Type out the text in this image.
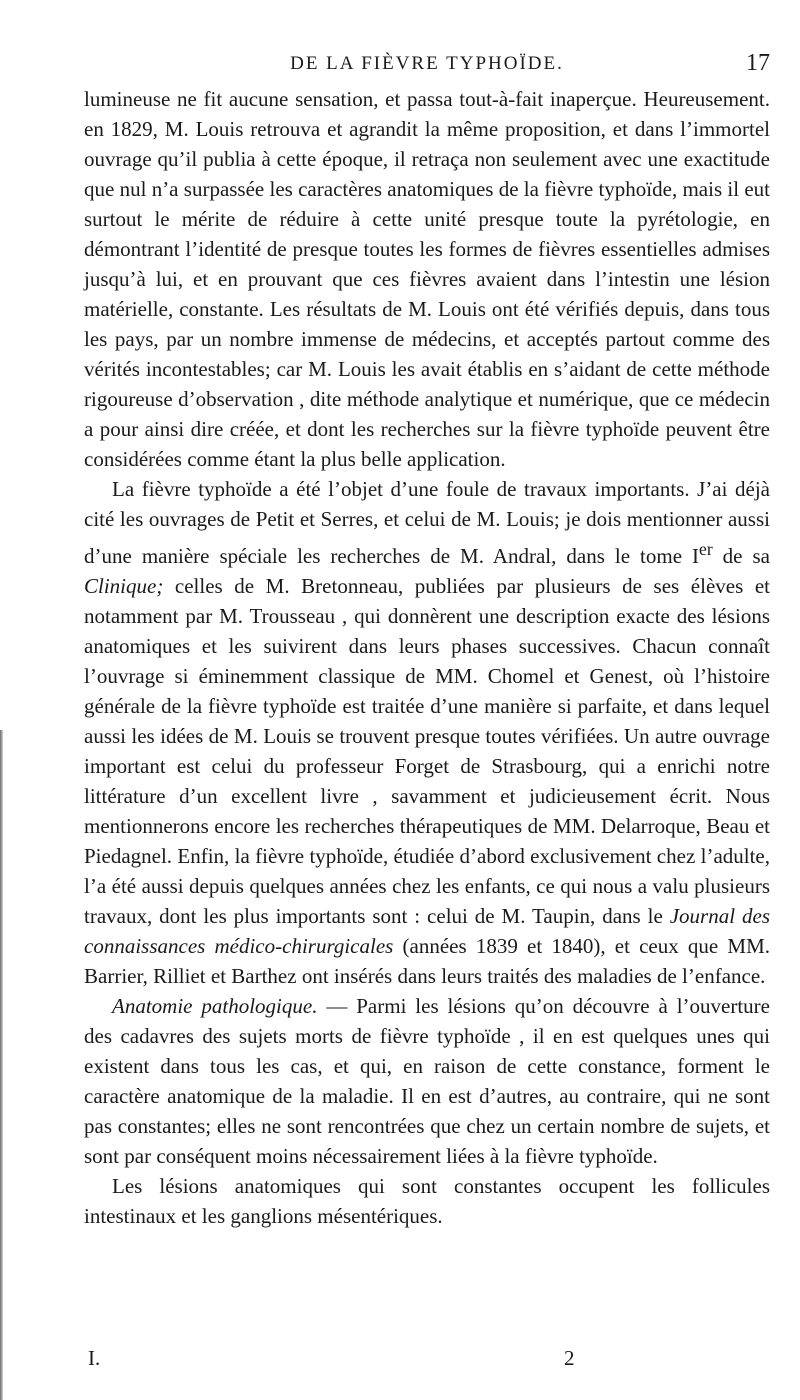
DE LA FIÈVRE TYPHOÏDE.	17

lumineuse ne fit aucune sensation, et passa tout-à-fait inaperçue. Heureusement. en 1829, M. Louis retrouva et agrandit la même proposition, et dans l’immortel ouvrage qu’il publia à cette époque, il retraça non seulement avec une exactitude que nul n’a surpassée les caractères anatomiques de la fièvre typhoïde, mais il eut surtout le mérite de réduire à cette unité presque toute la pyrétologie, en démontrant l’identité de presque toutes les formes de fièvres essentielles admises jusqu’à lui, et en prouvant que ces fièvres avaient dans l’intestin une lésion matérielle, constante. Les résultats de M. Louis ont été vérifiés depuis, dans tous les pays, par un nombre immense de médecins, et acceptés partout comme des vérités incontestables; car M. Louis les avait établis en s’aidant de cette méthode rigoureuse d’observation , dite méthode analytique et numérique, que ce médecin a pour ainsi dire créée, et dont les recherches sur la fièvre typhoïde peuvent être considérées comme étant la plus belle application.

La fièvre typhoïde a été l’objet d’une foule de travaux importants. J’ai déjà cité les ouvrages de Petit et Serres, et celui de M. Louis; je dois mentionner aussi d’une manière spéciale les recherches de M. Andral, dans le tome Ier de sa Clinique; celles de M. Bretonneau, publiées par plusieurs de ses élèves et notamment par M. Trousseau , qui donnèrent une description exacte des lésions anatomiques et les suivirent dans leurs phases successives. Chacun connaît l’ouvrage si éminemment classique de MM. Chomel et Genest, où l’histoire générale de la fièvre typhoïde est traitée d’une manière si parfaite, et dans lequel aussi les idées de M. Louis se trouvent presque toutes vérifiées. Un autre ouvrage important est celui du professeur Forget de Strasbourg, qui a enrichi notre littérature d’un excellent livre , savamment et judicieusement écrit. Nous mentionnerons encore les recherches thérapeutiques de MM. Delarroque, Beau et Piedagnel. Enfin, la fièvre typhoïde, étudiée d’abord exclusivement chez l’adulte, l’a été aussi depuis quelques années chez les enfants, ce qui nous a valu plusieurs travaux, dont les plus importants sont : celui de M. Taupin, dans le Journal des connaissances médico-chirurgicales (années 1839 et 1840), et ceux que MM. Barrier, Rilliet et Barthez ont insérés dans leurs traités des maladies de l’enfance.

Anatomie pathologique. — Parmi les lésions qu’on découvre à l’ouverture des cadavres des sujets morts de fièvre typhoïde , il en est quelques unes qui existent dans tous les cas, et qui, en raison de cette constance, forment le caractère anatomique de la maladie. Il en est d’autres, au contraire, qui ne sont pas constantes; elles ne sont rencontrées que chez un certain nombre de sujets, et sont par conséquent moins nécessairement liées à la fièvre typhoïde.

Les lésions anatomiques qui sont constantes occupent les follicules intestinaux et les ganglions mésentériques.

I.	2
